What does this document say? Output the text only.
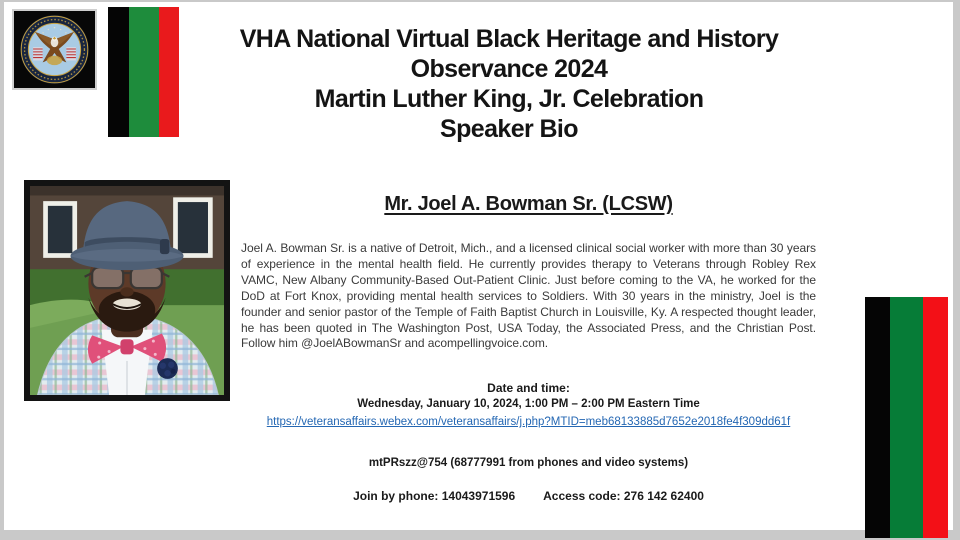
VHA National Virtual Black Heritage and History
Observance 2024
Martin Luther King, Jr. Celebration
Speaker Bio
Mr. Joel A. Bowman Sr. (LCSW)
Joel A. Bowman Sr. is a native of Detroit, Mich., and a licensed clinical social worker with more than 30 years of experience in the mental health field. He currently provides therapy to Veterans through Robley Rex VAMC, New Albany Community-Based Out-Patient Clinic. Just before coming to the VA, he worked for the DoD at Fort Knox, providing mental health services to Soldiers. With 30 years in the ministry, Joel is the founder and senior pastor of the Temple of Faith Baptist Church in Louisville, Ky. A respected thought leader, he has been quoted in The Washington Post, USA Today, the Associated Press, and the Christian Post. Follow him @JoelABowmanSr and acompellingvoice.com.
Date and time:
Wednesday, January 10, 2024, 1:00 PM – 2:00 PM Eastern Time
https://veteransaffairs.webex.com/veteransaffairs/j.php?MTID=meb68133885d7652e2018fe4f309dd61f
mtPRszz@754 (68777991 from phones and video systems)
Join by phone: 14043971596 Access code: 276 142 62400
